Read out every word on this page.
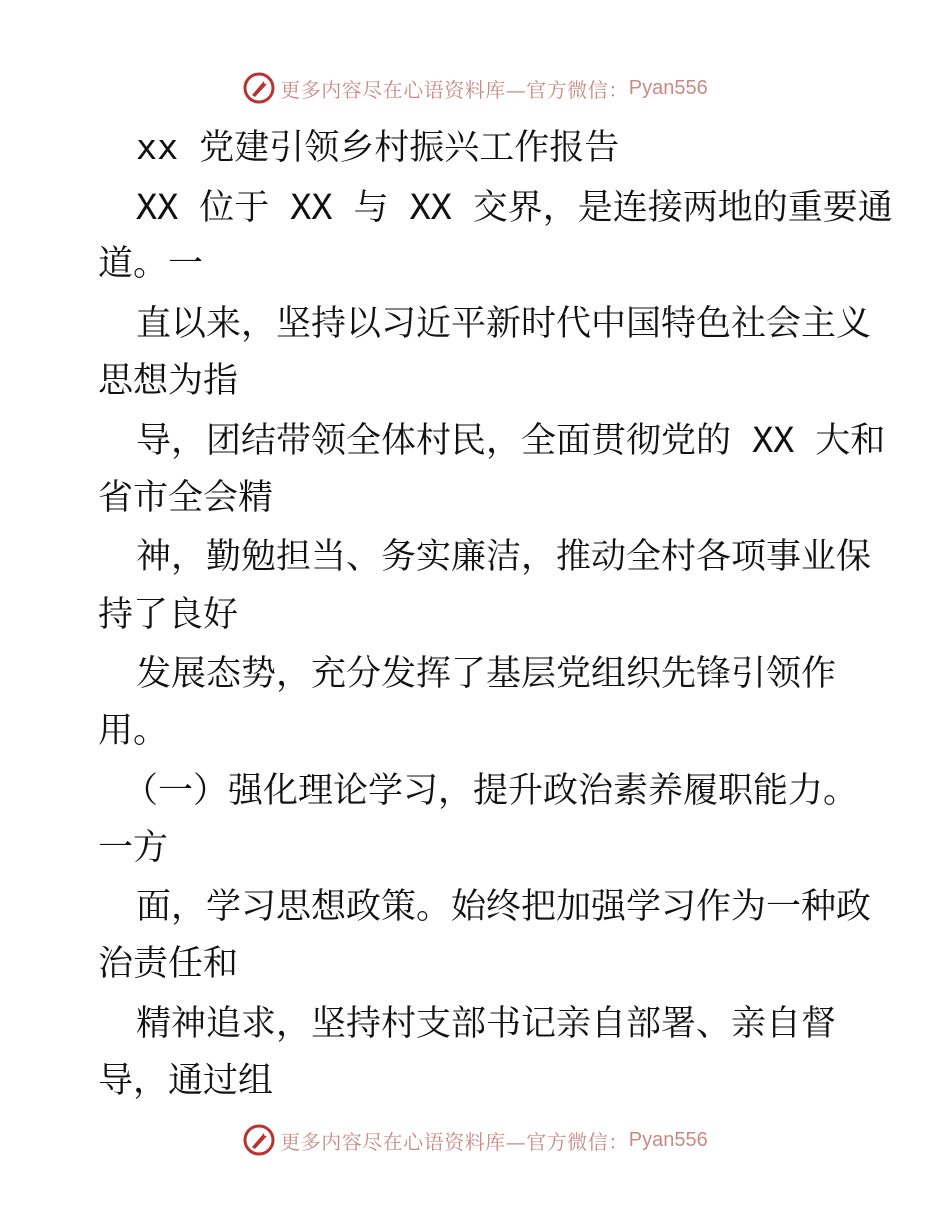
更多内容尽在心语资料库—官方微信： Pyan556
xx 党建引领乡村振兴工作报告
XX 位于 XX 与 XX 交界，是连接两地的重要通
道。一
直以来，坚持以习近平新时代中国特色社会主义
思想为指
导，团结带领全体村民，全面贯彻党的 XX 大和
省市全会精
神，勤勉担当、务实廉洁，推动全村各项事业保
持了良好
发展态势，充分发挥了基层党组织先锋引领作
用。
（一）强化理论学习，提升政治素养履职能力。
一方
面，学习思想政策。始终把加强学习作为一种政
治责任和
精神追求，坚持村支部书记亲自部署、亲自督
导，通过组
更多内容尽在心语资料库—官方微信： Pyan556
